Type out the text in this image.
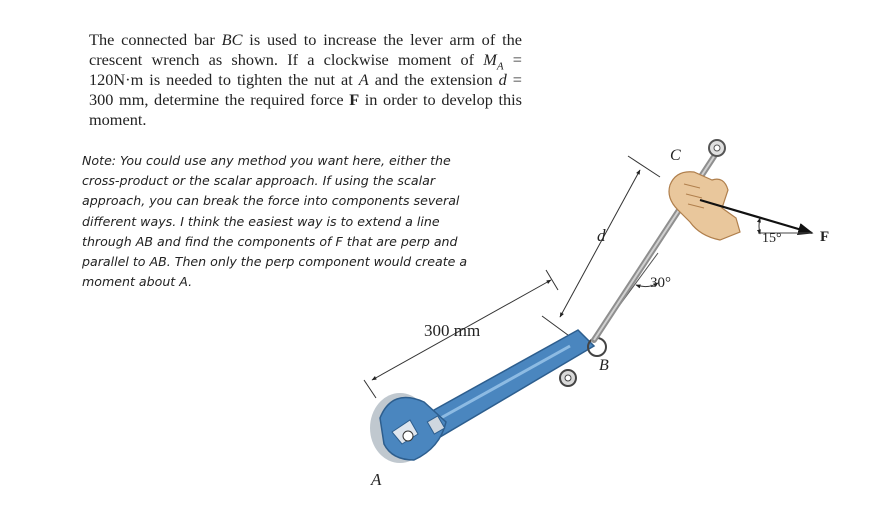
The connected bar BC is used to increase the lever arm of the crescent wrench as shown. If a clockwise moment of $M_A = 120N\cdot m$ is needed to tighten the nut at A and the extension d = 300 mm, determine the required force F in order to develop this moment.
Note: You could use any method you want here, either the
cross-product or the scalar approach. If using the scalar
approach, you can break the force into components several
different ways. I think the easiest way is to extend a line
through AB and find the components of F that are perp and
parallel to AB. Then only the perp component would create a
moment about A.
300 mm
d
30°
B
C
15°	F
A
